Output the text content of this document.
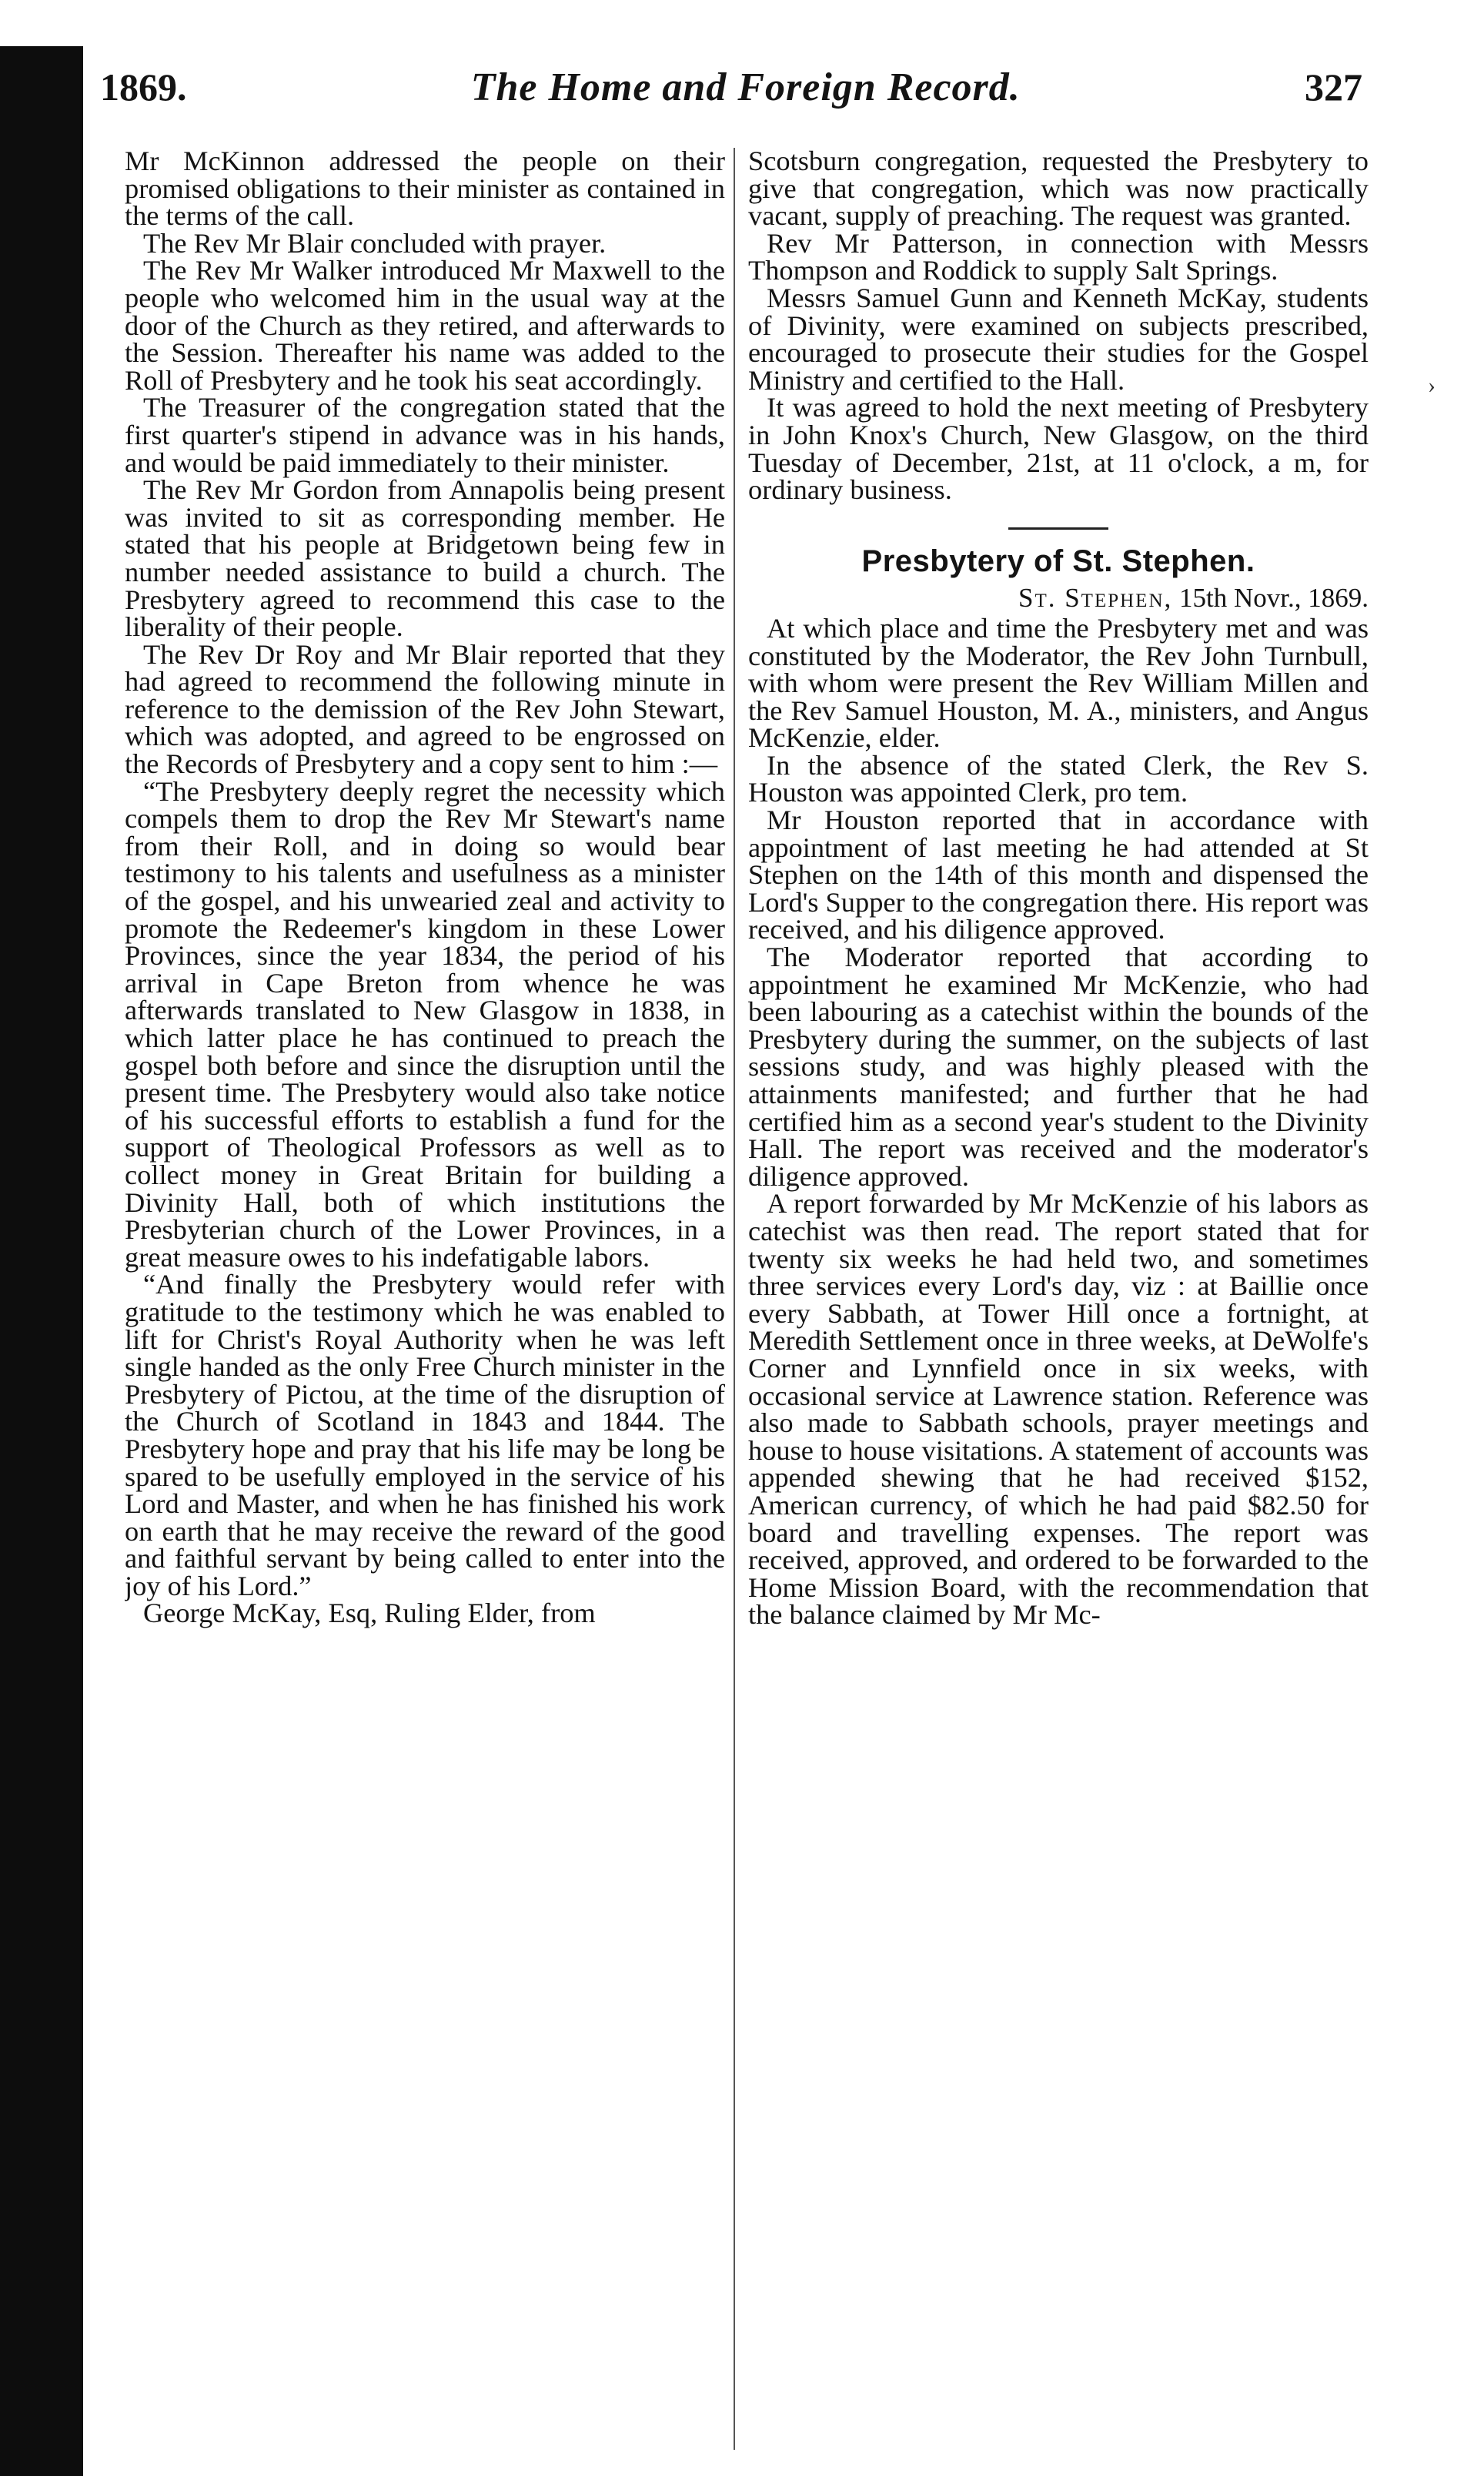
1869.	The Home and Foreign Record.	327

Mr McKinnon addressed the people on their promised obligations to their minister as contained in the terms of the call.

The Rev Mr Blair concluded with prayer.

The Rev Mr Walker introduced Mr Maxwell to the people who welcomed him in the usual way at the door of the Church as they retired, and afterwards to the Session. Thereafter his name was added to the Roll of Presbytery and he took his seat accordingly.

The Treasurer of the congregation stated that the first quarter's stipend in advance was in his hands, and would be paid immediately to their minister.

The Rev Mr Gordon from Annapolis being present was invited to sit as corresponding member. He stated that his people at Bridgetown being few in number needed assistance to build a church. The Presbytery agreed to recommend this case to the liberality of their people.

The Rev Dr Roy and Mr Blair reported that they had agreed to recommend the following minute in reference to the demission of the Rev John Stewart, which was adopted, and agreed to be engrossed on the Records of Presbytery and a copy sent to him :—

“The Presbytery deeply regret the necessity which compels them to drop the Rev Mr Stewart's name from their Roll, and in doing so would bear testimony to his talents and usefulness as a minister of the gospel, and his unwearied zeal and activity to promote the Redeemer's kingdom in these Lower Provinces, since the year 1834, the period of his arrival in Cape Breton from whence he was afterwards translated to New Glasgow in 1838, in which latter place he has continued to preach the gospel both before and since the disruption until the present time. The Presbytery would also take notice of his successful efforts to establish a fund for the support of Theological Professors as well as to collect money in Great Britain for building a Divinity Hall, both of which institutions the Presbyterian church of the Lower Provinces, in a great measure owes to his indefatigable labors.

“And finally the Presbytery would refer with gratitude to the testimony which he was enabled to lift for Christ's Royal Authority when he was left single handed as the only Free Church minister in the Presbytery of Pictou, at the time of the disruption of the Church of Scotland in 1843 and 1844. The Presbytery hope and pray that his life may be long be spared to be usefully employed in the service of his Lord and Master, and when he has finished his work on earth that he may receive the reward of the good and faithful servant by being called to enter into the joy of his Lord.”

George McKay, Esq, Ruling Elder, from

Scotsburn congregation, requested the Presbytery to give that congregation, which was now practically vacant, supply of preaching. The request was granted.

Rev Mr Patterson, in connection with Messrs Thompson and Roddick to supply Salt Springs.

Messrs Samuel Gunn and Kenneth McKay, students of Divinity, were examined on subjects prescribed, encouraged to prosecute their studies for the Gospel Ministry and certified to the Hall.

It was agreed to hold the next meeting of Presbytery in John Knox's Church, New Glasgow, on the third Tuesday of December, 21st, at 11 o'clock, a m, for ordinary business.

Presbytery of St. Stephen.
St. Stephen, 15th Novr., 1869.

At which place and time the Presbytery met and was constituted by the Moderator, the Rev John Turnbull, with whom were present the Rev William Millen and the Rev Samuel Houston, M. A., ministers, and Angus McKenzie, elder.

In the absence of the stated Clerk, the Rev S. Houston was appointed Clerk, pro tem.

Mr Houston reported that in accordance with appointment of last meeting he had attended at St Stephen on the 14th of this month and dispensed the Lord's Supper to the congregation there. His report was received, and his diligence approved.

The Moderator reported that according to appointment he examined Mr McKenzie, who had been labouring as a catechist within the bounds of the Presbytery during the summer, on the subjects of last sessions study, and was highly pleased with the attainments manifested; and further that he had certified him as a second year's student to the Divinity Hall. The report was received and the moderator's diligence approved.

A report forwarded by Mr McKenzie of his labors as catechist was then read. The report stated that for twenty six weeks he had held two, and sometimes three services every Lord's day, viz : at Baillie once every Sabbath, at Tower Hill once a fortnight, at Meredith Settlement once in three weeks, at DeWolfe's Corner and Lynnfield once in six weeks, with occasional service at Lawrence station. Reference was also made to Sabbath schools, prayer meetings and house to house visitations. A statement of accounts was appended shewing that he had received $152, American currency, of which he had paid $82.50 for board and travelling expenses. The report was received, approved, and ordered to be forwarded to the Home Mission Board, with the recommendation that the balance claimed by Mr Mc-

›
